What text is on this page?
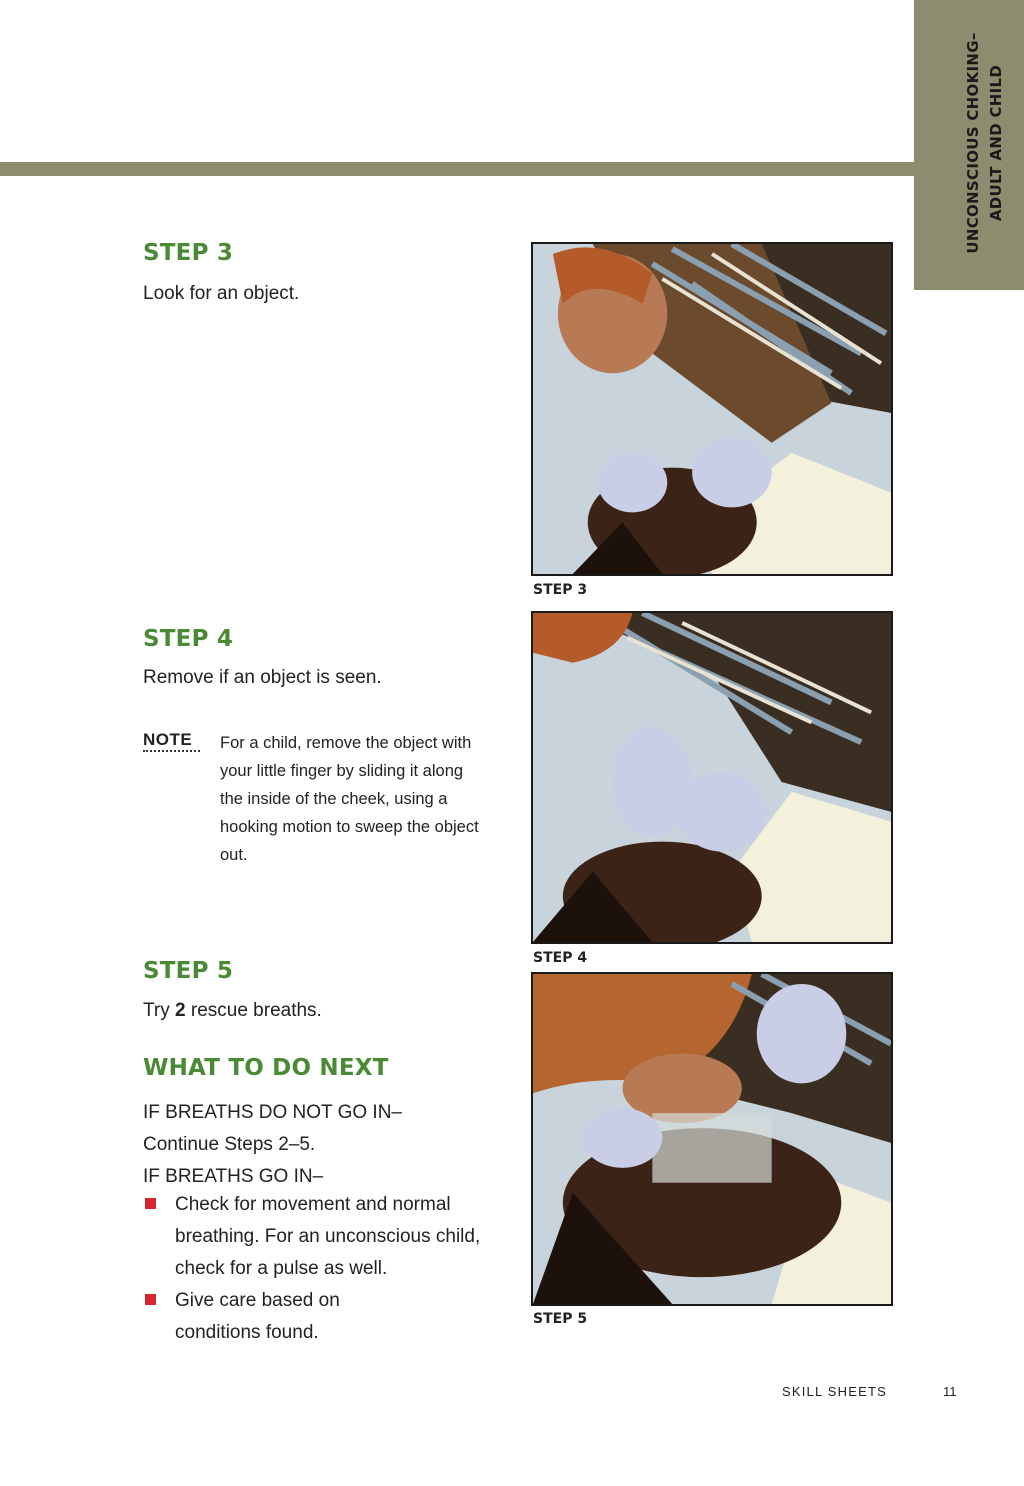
UNCONSCIOUS CHOKING– ADULT AND CHILD
STEP 3

Look for an object.

STEP 4

Remove if an object is seen.

NOTE For a child, remove the object with your little finger by sliding it along the inside of the cheek, using a hooking motion to sweep the object out.
STEP 5

Try 2 rescue breaths.

WHAT TO DO NEXT
IF BREATHS DO NOT GO IN–
Continue Steps 2–5.
IF BREATHS GO IN–
Check for movement and normal breathing. For an unconscious child, check for a pulse as well.
Give care based on conditions found.
STEP 3
STEP 4
STEP 5
SKILL SHEETS	11
